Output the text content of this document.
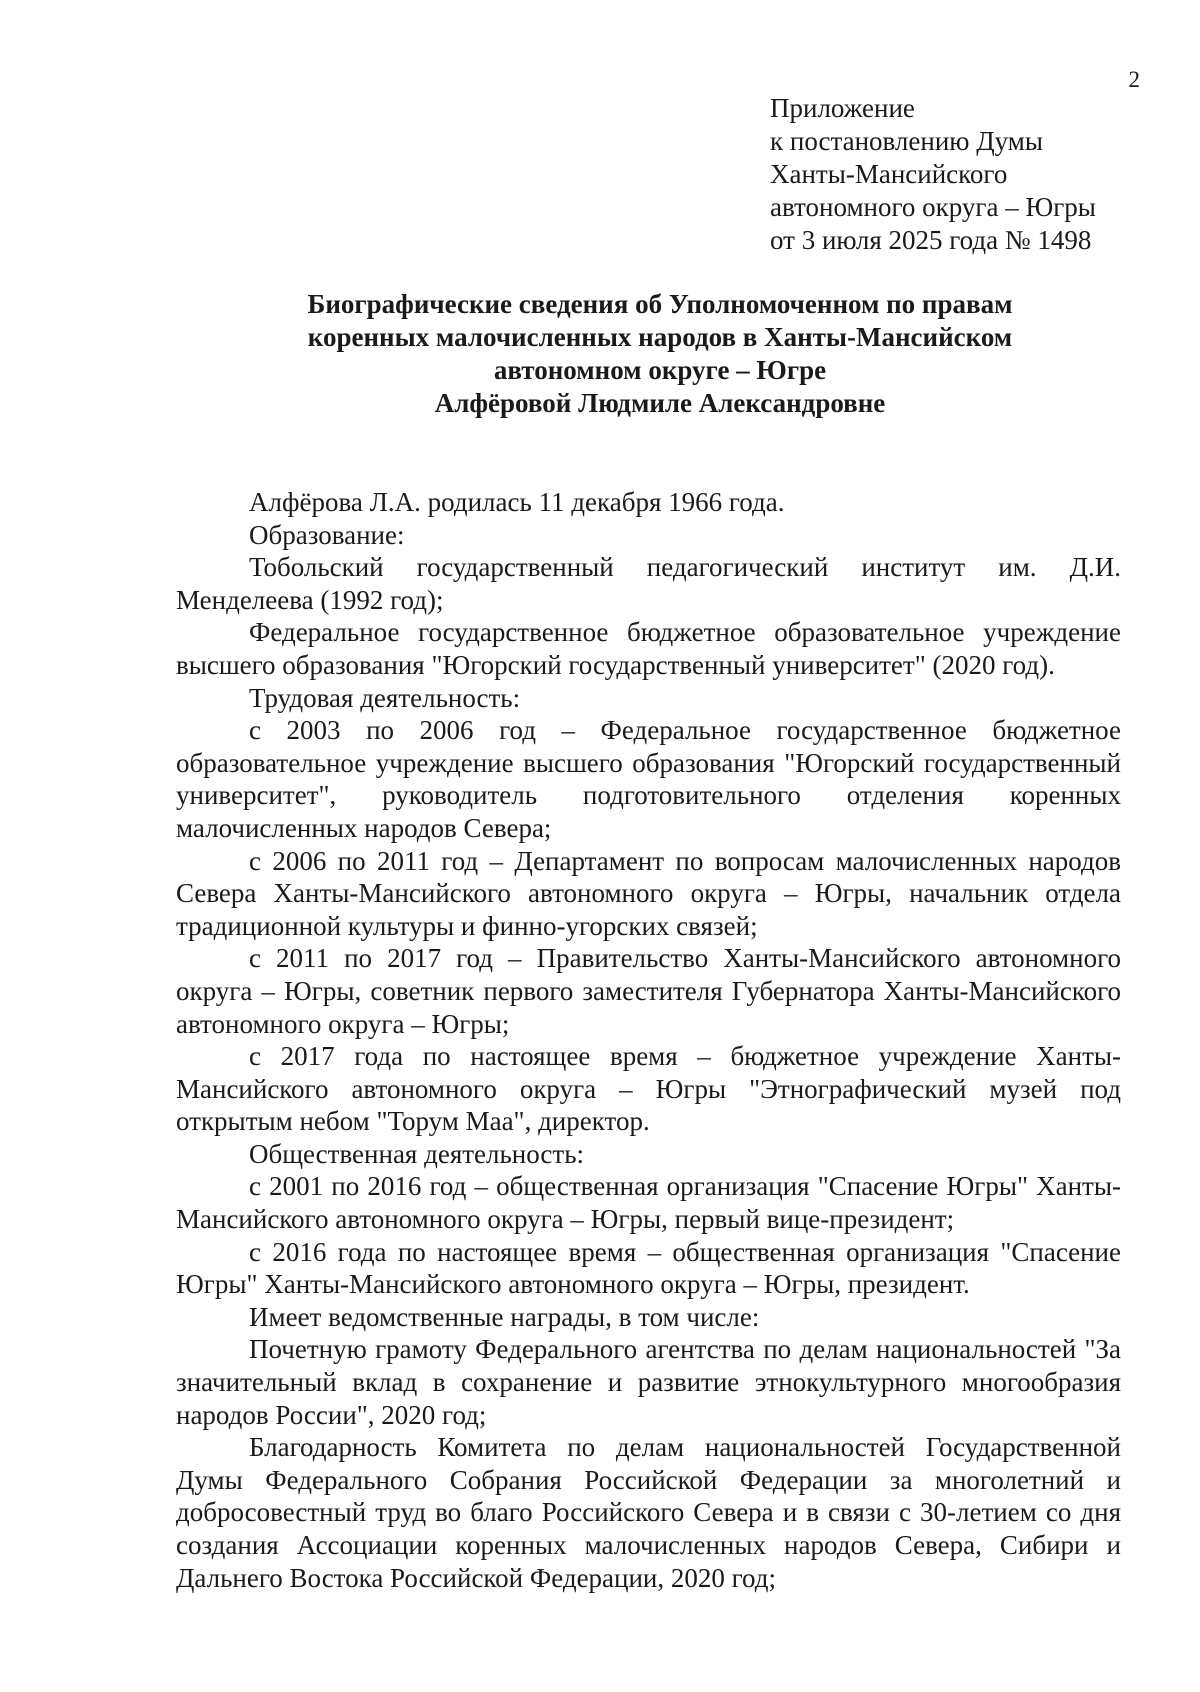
2
Приложение
к постановлению Думы
Ханты-Мансийского
автономного округа – Югры
от 3 июля 2025 года № 1498
Биографические сведения об Уполномоченном по правам
коренных малочисленных народов в Ханты-Мансийском
автономном округе – Югре
Алфёровой Людмиле Александровне

Алфёрова Л.А. родилась 11 декабря 1966 года.

Образование:

Тобольский государственный педагогический институт им. Д.И. Менделеева (1992 год);

Федеральное государственное бюджетное образовательное учреждение высшего образования "Югорский государственный университет" (2020 год).

Трудовая деятельность:

с 2003 по 2006 год – Федеральное государственное бюджетное образовательное учреждение высшего образования "Югорский государственный университет", руководитель подготовительного отделения коренных малочисленных народов Севера;

с 2006 по 2011 год – Департамент по вопросам малочисленных народов Севера Ханты-Мансийского автономного округа – Югры, начальник отдела традиционной культуры и финно-угорских связей;

с 2011 по 2017 год – Правительство Ханты-Мансийского автономного округа – Югры, советник первого заместителя Губернатора Ханты-Мансийского автономного округа – Югры;

с 2017 года по настоящее время – бюджетное учреждение Ханты-Мансийского автономного округа – Югры "Этнографический музей под открытым небом "Торум Маа", директор.

Общественная деятельность:

с 2001 по 2016 год – общественная организация "Спасение Югры" Ханты-Мансийского автономного округа – Югры, первый вице-президент;

с 2016 года по настоящее время – общественная организация "Спасение Югры" Ханты-Мансийского автономного округа – Югры, президент.

Имеет ведомственные награды, в том числе:

Почетную грамоту Федерального агентства по делам национальностей "За значительный вклад в сохранение и развитие этнокультурного многообразия народов России", 2020 год;

Благодарность Комитета по делам национальностей Государственной Думы Федерального Собрания Российской Федерации за многолетний и добросовестный труд во благо Российского Севера и в связи с 30-летием со дня создания Ассоциации коренных малочисленных народов Севера, Сибири и Дальнего Востока Российской Федерации, 2020 год;
